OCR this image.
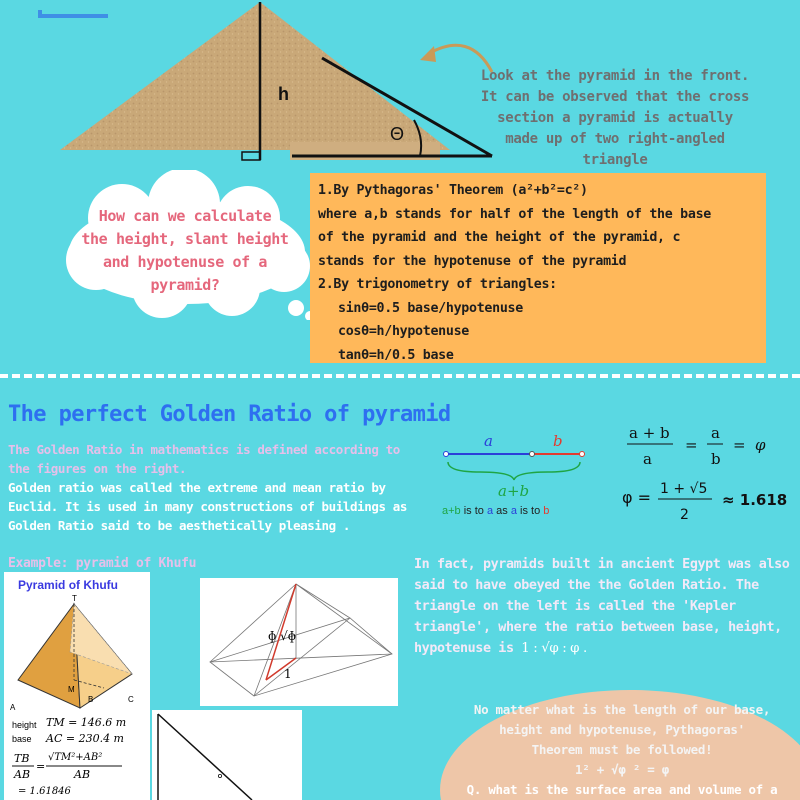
h
Θ
Look at the pyramid in the front.
It can be observed that the cross
section a pyramid is actually
made up of two right-angled
triangle
How can we calculate
the height, slant height
and hypotenuse of a
pyramid?
1.By Pythagoras' Theorem (a²+b²=c²)
where a,b stands for half of the length of the base
of the pyramid and the height of the pyramid, c
stands for the hypotenuse of the pyramid
2.By trigonometry of triangles:
sinθ=0.5 base/hypotenuse
cosθ=h/hypotenuse
tanθ=h/0.5 base
The perfect Golden Ratio of pyramid

The Golden Ratio in mathematics is defined according to the figures on the right.

Golden ratio was called the extreme and mean ratio by Euclid. It is used in many constructions of buildings as Golden Ratio said to be aesthetically pleasing .

a	b
a+b
a+b is to a as a is to b
a + b
a
=
a
b
= φ
φ = 1 + √5
2
≈ 1.618
Example: pyramid of Khufu
Pyramid of Khufu
T
M
B	C
A
height
base
TM = 146.6 m
AC = 230.4 m
TB
AB
=
√TM²+AB²
AB
= 1.61846
ɸ √ɸ
1
In fact, pyramids built in ancient Egypt was also said to have obeyed the the Golden Ratio. The triangle on the left is called the 'Kepler triangle', where the ratio between base, height, hypotenuse is 1 : √φ : φ .
No matter what is the length of our base,
height and hypotenuse, Pythagoras'
Theorem must be followed!
1² + √φ ² = φ
Q. what is the surface area and volume of a
